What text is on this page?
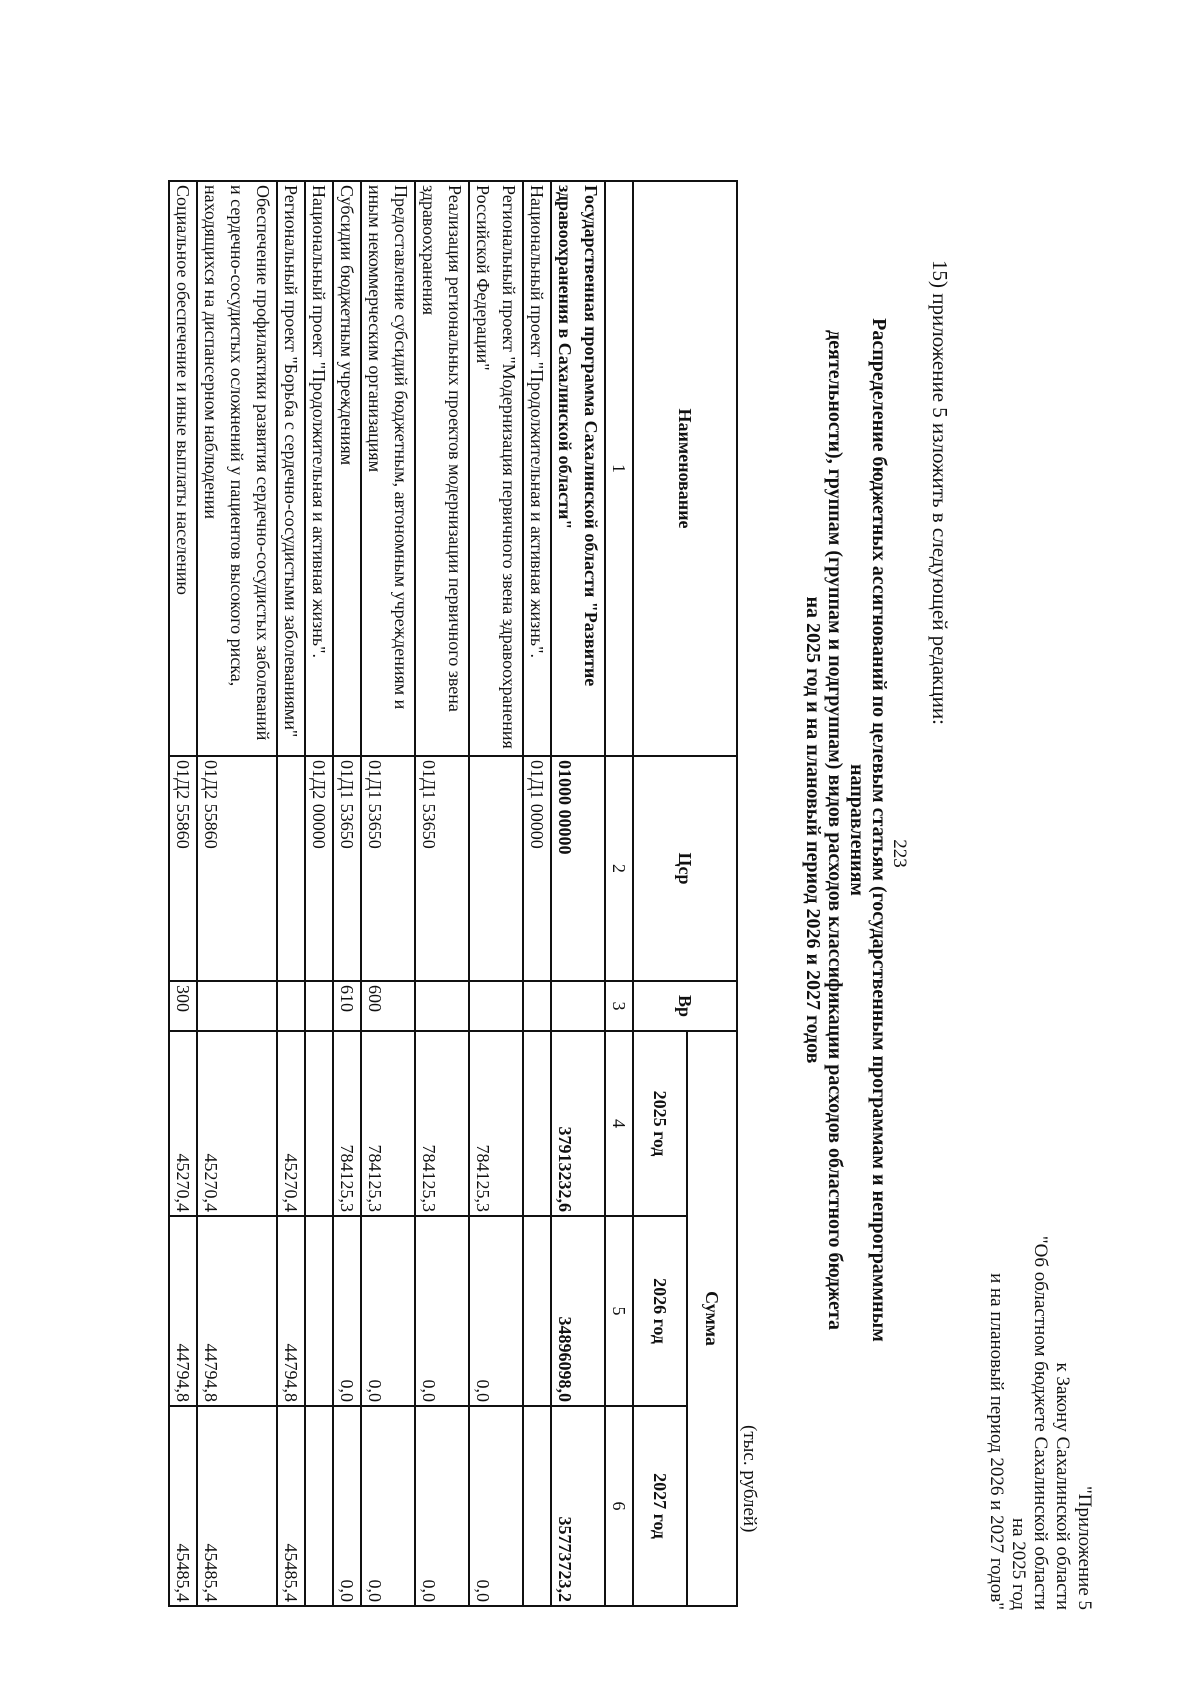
15) приложение 5 изложить в следующей редакции:
223
"Приложение 5
к Закону Сахалинской области
"Об областном бюджете Сахалинской области на 2025 год
и на плановый период 2026 и 2027 годов"
Распределение бюджетных ассигнований по целевым статьям (государственным программам и непрограммным направлениям
деятельности), группам (группам и подгруппам) видов расходов классификации расходов областного бюджета
на 2025 год и на плановый период 2026 и 2027 годов
(тыс. рублей)
Наименование	Цср	Вр	Сумма		
			2025 год	2026 год	2027 год
1	2	3	4	5	6
Государственная программа Сахалинской области "Развитие здравоохранения в Сахалинской области"	01000 00000		37913232,6	34896098,0	35773723,2
Национальный проект "Продолжительная и активная жизнь".	01Д1 00000				
Региональный проект "Модернизация первичного звена здравоохранения Российской Федерации"			784125,3	0,0	0,0
Реализация региональных проектов модернизации первичного звена здравоохранения	01Д1 53650		784125,3	0,0	0,0
Предоставление субсидий бюджетным, автономным учреждениям и иным некоммерческим организациям	01Д1 53650	600	784125,3	0,0	0,0
Субсидии бюджетным учреждениям	01Д1 53650	610	784125,3	0,0	0,0
Национальный проект "Продолжительная и активная жизнь".	01Д2 00000				
Региональный проект "Борьба с сердечно-сосудистыми заболеваниями"			45270,4	44794,8	45485,4
Обеспечение профилактики развития сердечно-сосудистых заболеваний и сердечно-сосудистых осложнений у пациентов высокого риска, находящихся на диспансерном наблюдении	01Д2 55860		45270,4	44794,8	45485,4
Социальное обеспечение и иные выплаты населению	01Д2 55860	300	45270,4	44794,8	45485,4
